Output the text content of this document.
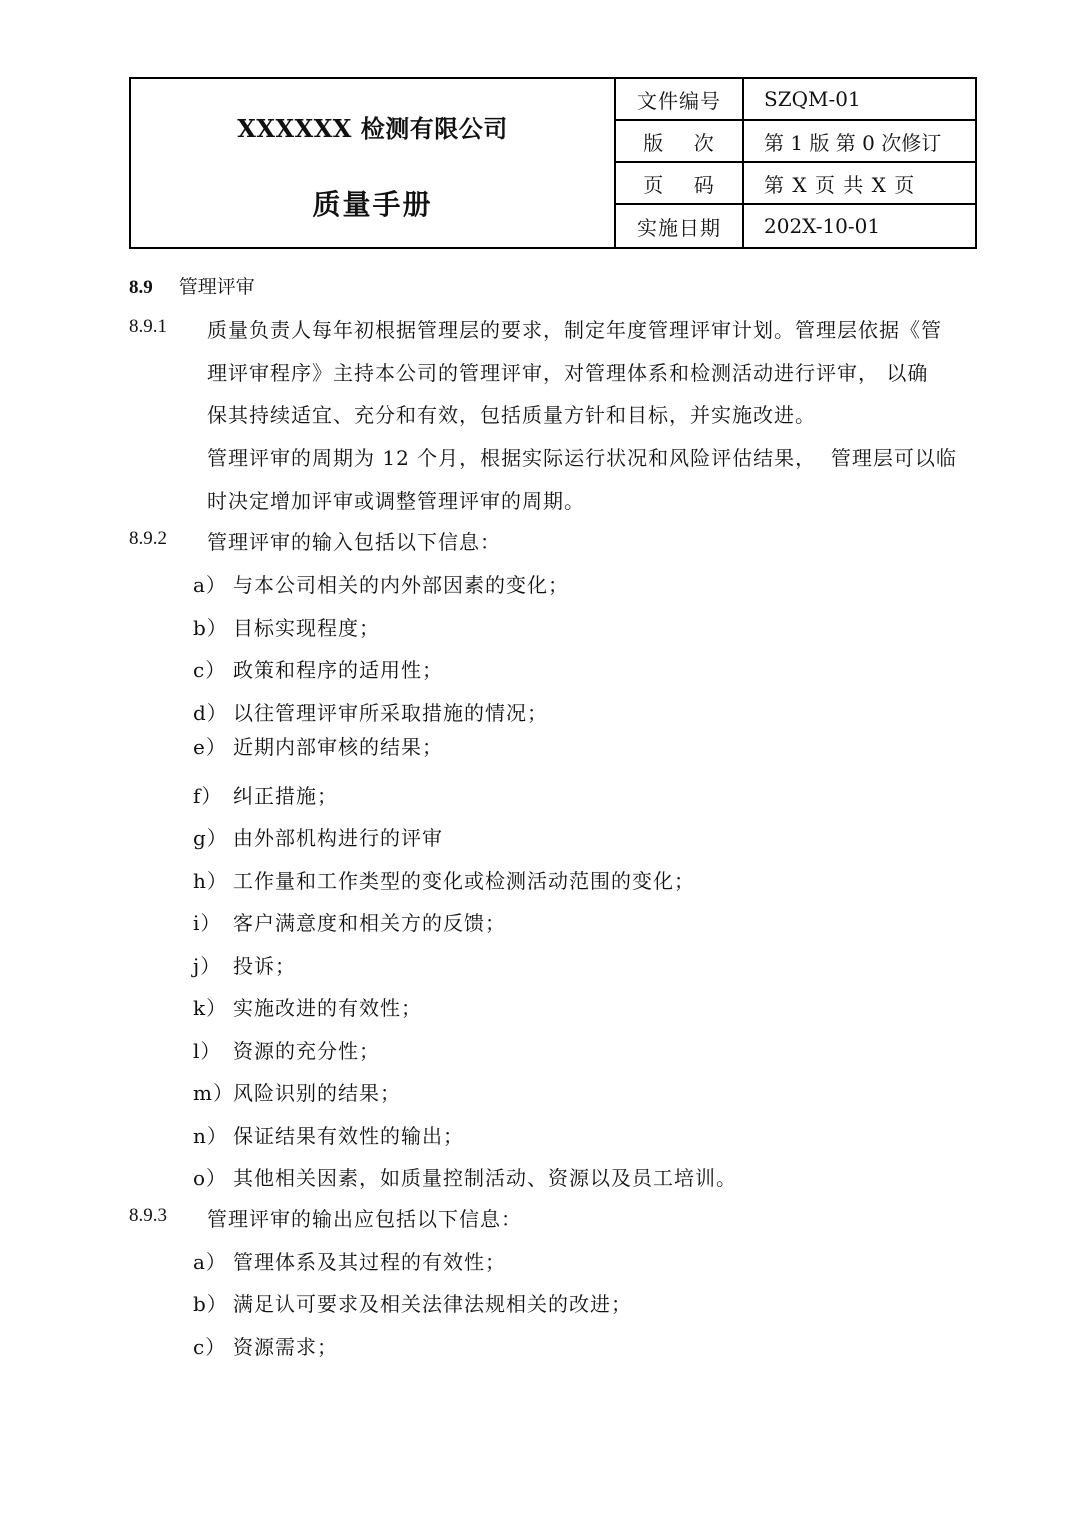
XXXXXX 检测有限公司
质量手册
文件编号	SZQM-01
版    次	第 1 版 第 0 次修订
页    码	第 X 页 共 X 页
实施日期	202X-10-01
8.9 管理评审
8.9.1 质量负责人每年初根据管理层的要求，制定年度管理评审计划。管理层依据《管
理评审程序》主持本公司的管理评审，对管理体系和检测活动进行评审， 以确
保其持续适宜、充分和有效，包括质量方针和目标，并实施改进。
管理评审的周期为 12 个月，根据实际运行状况和风险评估结果，  管理层可以临
时决定增加评审或调整管理评审的周期。
8.9.2 管理评审的输入包括以下信息：
a） 与本公司相关的内外部因素的变化；
b） 目标实现程度；
c） 政策和程序的适用性；
d） 以往管理评审所采取措施的情况；
e） 近期内部审核的结果；
f） 纠正措施；
g） 由外部机构进行的评审
h） 工作量和工作类型的变化或检测活动范围的变化；
i） 客户满意度和相关方的反馈；
j） 投诉；
k） 实施改进的有效性；
l） 资源的充分性；
m）风险识别的结果；
n） 保证结果有效性的输出；
o） 其他相关因素，如质量控制活动、资源以及员工培训。
8.9.3 管理评审的输出应包括以下信息：
a） 管理体系及其过程的有效性；
b） 满足认可要求及相关法律法规相关的改进；
c） 资源需求；
